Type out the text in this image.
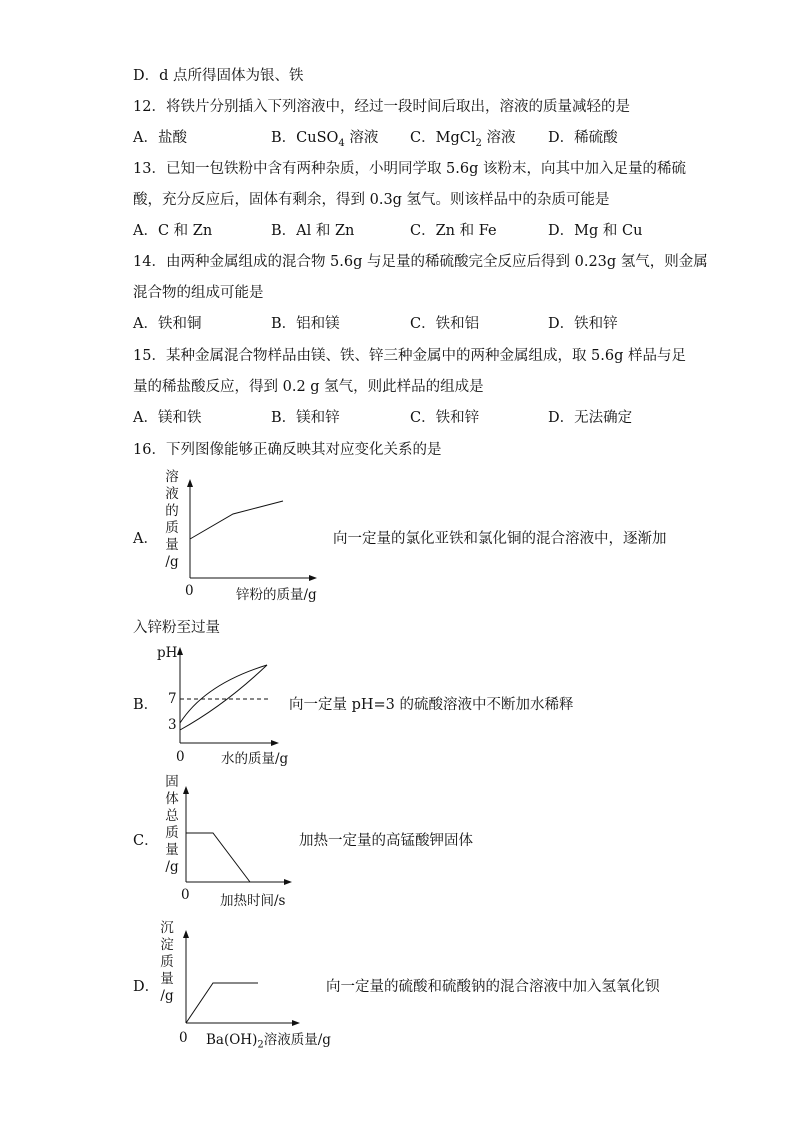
D．d 点所得固体为银、铁
12．将铁片分别插入下列溶液中，经过一段时间后取出，溶液的质量减轻的是
A．盐酸	B．CuSO$_4$ 溶液 C．MgCl$_2$ 溶液 D．稀硫酸
13．已知一包铁粉中含有两种杂质，小明同学取 5.6g 该粉末，向其中加入足量的稀硫
酸，充分反应后，固体有剩余，得到 0.3g 氢气。则该样品中的杂质可能是
A．C 和 Zn	B．Al 和 Zn	C．Zn 和 Fe	D．Mg 和 Cu
14．由两种金属组成的混合物 5.6g 与足量的稀硫酸完全反应后得到 0.23g 氢气，则金属
混合物的组成可能是
A．铁和铜	B．铝和镁	C．铁和铝	D．铁和锌
15．某种金属混合物样品由镁、铁、锌三种金属中的两种金属组成，取 5.6g 样品与足
量的稀盐酸反应，得到 0.2 g 氢气，则此样品的组成是
A．镁和铁	B．镁和锌	C．铁和锌	D．无法确定
16．下列图像能够正确反映其对应变化关系的是
A．
溶
液
的
质
量
/g
0	锌粉的质量/g
向一定量的氯化亚铁和氯化铜的混合溶液中，逐渐加
入锌粉至过量
B．
pH
7
3
0	水的质量/g
向一定量 pH=3 的硫酸溶液中不断加水稀释
C．
固
体
总
质
量
/g
0 加热时间/s
加热一定量的高锰酸钾固体
D．
沉
淀
质
量
/g
0 $Ba(OH)_2$溶液质量/g
向一定量的硫酸和硫酸钠的混合溶液中加入氢氧化钡
